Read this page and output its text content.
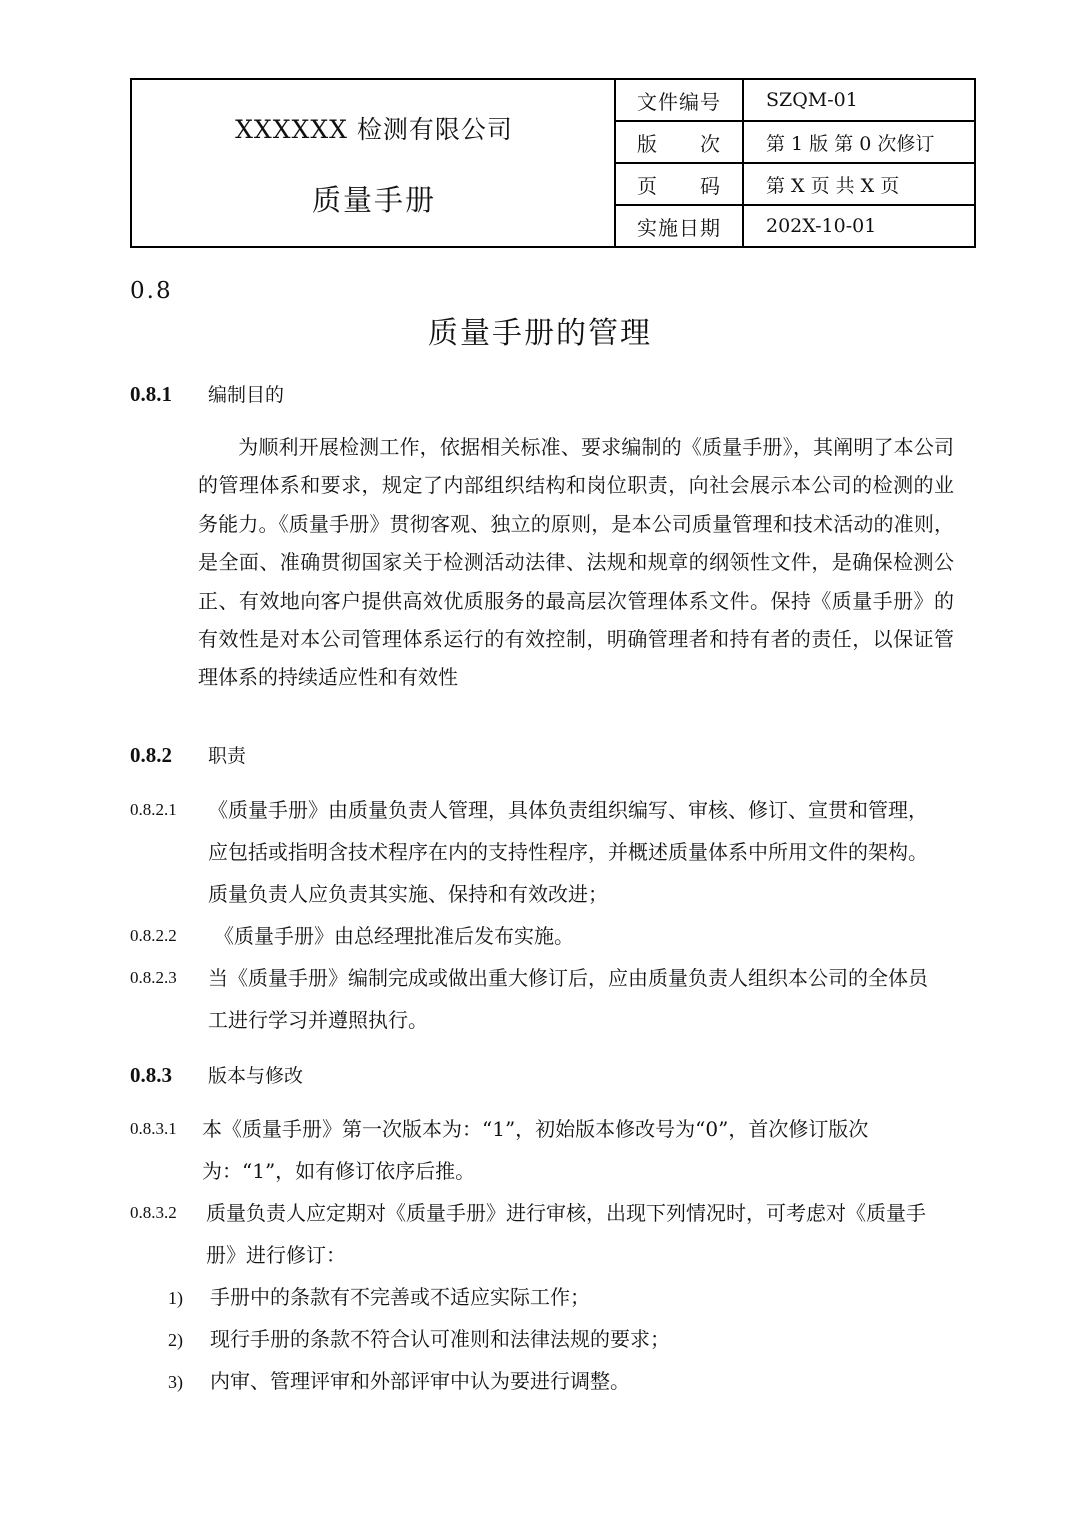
XXXXXX 检测有限公司
质量手册
文件编号	SZQM-01
版　　次	第 1 版 第 0 次修订
页　　码	第 X 页 共 X 页
实施日期	202X-10-01
0.8
质量手册的管理
0.8.1	编制目的
为顺利开展检测工作，依据相关标准、要求编制的《质量手册》，其阐明了本公司的管理体系和要求，规定了内部组织结构和岗位职责，向社会展示本公司的检测的业务能力。《质量手册》贯彻客观、独立的原则，是本公司质量管理和技术活动的准则，是全面、准确贯彻国家关于检测活动法律、法规和规章的纲领性文件，是确保检测公正、有效地向客户提供高效优质服务的最高层次管理体系文件。保持《质量手册》的有效性是对本公司管理体系运行的有效控制，明确管理者和持有者的责任，以保证管理体系的持续适应性和有效性
0.8.2	职责
0.8.2.1 《质量手册》由质量负责人管理，具体负责组织编写、审核、修订、宣贯和管理，应包括或指明含技术程序在内的支持性程序，并概述质量体系中所用文件的架构。质量负责人应负责其实施、保持和有效改进；
0.8.2.2 《质量手册》由总经理批准后发布实施。
0.8.2.3 当《质量手册》编制完成或做出重大修订后，应由质量负责人组织本公司的全体员工进行学习并遵照执行。
0.8.3	版本与修改
0.8.3.1 本《质量手册》第一次版本为：“1”，初始版本修改号为“0”，首次修订版次为：“1”，如有修订依序后推。
0.8.3.2 质量负责人应定期对《质量手册》进行审核，出现下列情况时，可考虑对《质量手册》进行修订：
1) 手册中的条款有不完善或不适应实际工作；
2) 现行手册的条款不符合认可准则和法律法规的要求；
3) 内审、管理评审和外部评审中认为要进行调整。
